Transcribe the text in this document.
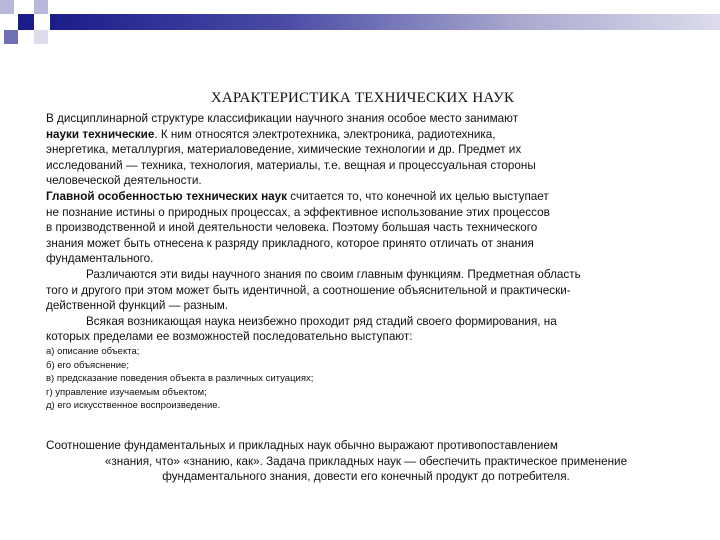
ХАРАКТЕРИСТИКА ТЕХНИЧЕСКИХ НАУК
В дисциплинарной структуре классификации научного знания особое место занимают
науки технические. К ним относятся электротехника, электроника, радиотехника,
энергетика, металлургия, материаловедение, химические технологии и др. Предмет их
исследований — техника, технология, материалы, т.е. вещная и процессуальная стороны
человеческой деятельности.
Главной особенностью технических наук считается то, что конечной их целью выступает
не познание истины о природных процессах, а эффективное использование этих процессов
в производственной и иной деятельности человека. Поэтому большая часть технического
знания может быть отнесена к разряду прикладного, которое принято отличать от знания
фундаментального.
Различаются эти виды научного знания по своим главным функциям. Предметная область
того и другого при этом может быть идентичной, а соотношение объяснительной и практически-
действенной функций — разным.
Всякая возникающая наука неизбежно проходит ряд стадий своего формирования, на
которых пределами ее возможностей последовательно выступают:
а) описание объекта;
б) его объяснение;
в) предсказание поведения объекта в различных ситуациях;
г) управление изучаемым объектом;
д) его искусственное воспроизведение.
Соотношение фундаментальных и прикладных наук обычно выражают противопоставлением
«знания, что» «знанию, как». Задача прикладных наук — обеспечить практическое применение
фундаментального знания, довести его конечный продукт до потребителя.
